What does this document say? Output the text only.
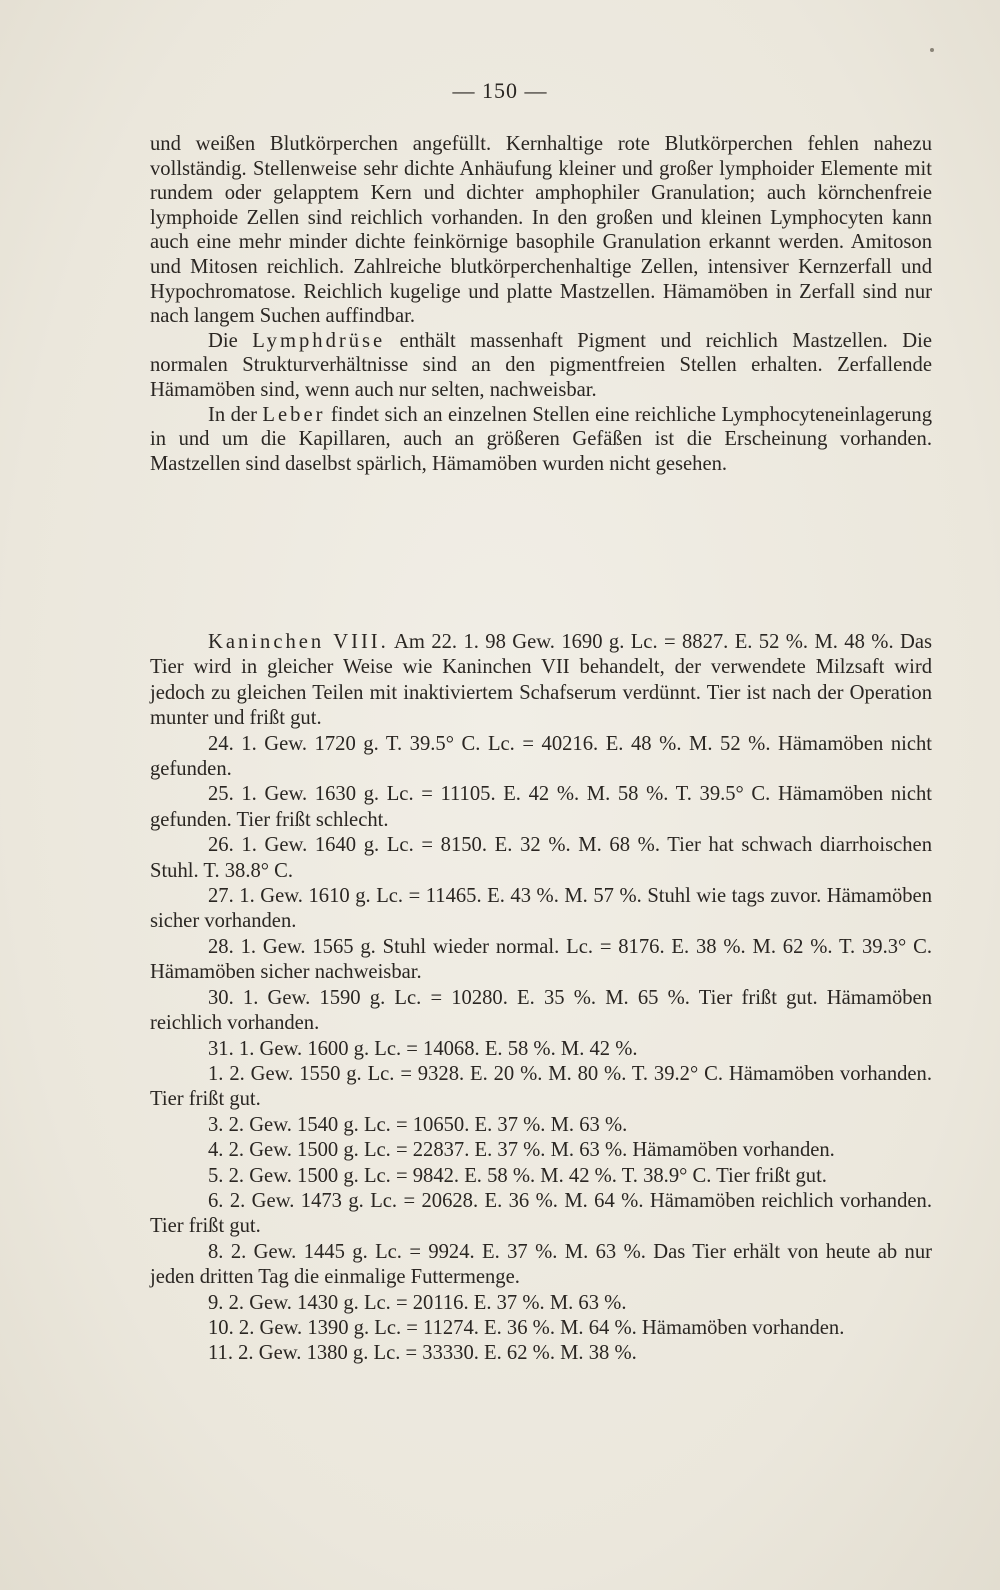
— 150 —

und weißen Blutkörperchen angefüllt. Kernhaltige rote Blutkörperchen fehlen nahezu vollständig. Stellenweise sehr dichte Anhäufung kleiner und großer lymphoider Elemente mit rundem oder gelapptem Kern und dichter amphophiler Granulation; auch körnchenfreie lymphoide Zellen sind reichlich vorhanden. In den großen und kleinen Lymphocyten kann auch eine mehr minder dichte feinkörnige basophile Granulation erkannt werden. Amitoson und Mitosen reichlich. Zahlreiche blutkörperchenhaltige Zellen, intensiver Kernzerfall und Hypochromatose. Reichlich kugelige und platte Mastzellen. Hämamöben in Zerfall sind nur nach langem Suchen auffindbar.

Die Lymphdrüse enthält massenhaft Pigment und reichlich Mastzellen. Die normalen Strukturverhältnisse sind an den pigmentfreien Stellen erhalten. Zerfallende Hämamöben sind, wenn auch nur selten, nachweisbar.

In der Leber findet sich an einzelnen Stellen eine reichliche Lymphocyteneinlagerung in und um die Kapillaren, auch an größeren Gefäßen ist die Erscheinung vorhanden. Mastzellen sind daselbst spärlich, Hämamöben wurden nicht gesehen.

Kaninchen VIII. Am 22. 1. 98 Gew. 1690 g. Lc. = 8827. E. 52 %. M. 48 %. Das Tier wird in gleicher Weise wie Kaninchen VII behandelt, der verwendete Milzsaft wird jedoch zu gleichen Teilen mit inaktiviertem Schafserum verdünnt. Tier ist nach der Operation munter und frißt gut.

24. 1. Gew. 1720 g. T. 39.5° C. Lc. = 40216. E. 48 %. M. 52 %. Hämamöben nicht gefunden.

25. 1. Gew. 1630 g. Lc. = 11105. E. 42 %. M. 58 %. T. 39.5° C. Hämamöben nicht gefunden. Tier frißt schlecht.

26. 1. Gew. 1640 g. Lc. = 8150. E. 32 %. M. 68 %. Tier hat schwach diarrhoischen Stuhl. T. 38.8° C.

27. 1. Gew. 1610 g. Lc. = 11465. E. 43 %. M. 57 %. Stuhl wie tags zuvor. Hämamöben sicher vorhanden.

28. 1. Gew. 1565 g. Stuhl wieder normal. Lc. = 8176. E. 38 %. M. 62 %. T. 39.3° C. Hämamöben sicher nachweisbar.

30. 1. Gew. 1590 g. Lc. = 10280. E. 35 %. M. 65 %. Tier frißt gut. Hämamöben reichlich vorhanden.

31. 1. Gew. 1600 g. Lc. = 14068. E. 58 %. M. 42 %.

1. 2. Gew. 1550 g. Lc. = 9328. E. 20 %. M. 80 %. T. 39.2° C. Hämamöben vorhanden. Tier frißt gut.

3. 2. Gew. 1540 g. Lc. = 10650. E. 37 %. M. 63 %.

4. 2. Gew. 1500 g. Lc. = 22837. E. 37 %. M. 63 %. Hämamöben vorhanden.

5. 2. Gew. 1500 g. Lc. = 9842. E. 58 %. M. 42 %. T. 38.9° C. Tier frißt gut.

6. 2. Gew. 1473 g. Lc. = 20628. E. 36 %. M. 64 %. Hämamöben reichlich vorhanden. Tier frißt gut.

8. 2. Gew. 1445 g. Lc. = 9924. E. 37 %. M. 63 %. Das Tier erhält von heute ab nur jeden dritten Tag die einmalige Futtermenge.

9. 2. Gew. 1430 g. Lc. = 20116. E. 37 %. M. 63 %.

10. 2. Gew. 1390 g. Lc. = 11274. E. 36 %. M. 64 %. Hämamöben vorhanden.

11. 2. Gew. 1380 g. Lc. = 33330. E. 62 %. M. 38 %.
